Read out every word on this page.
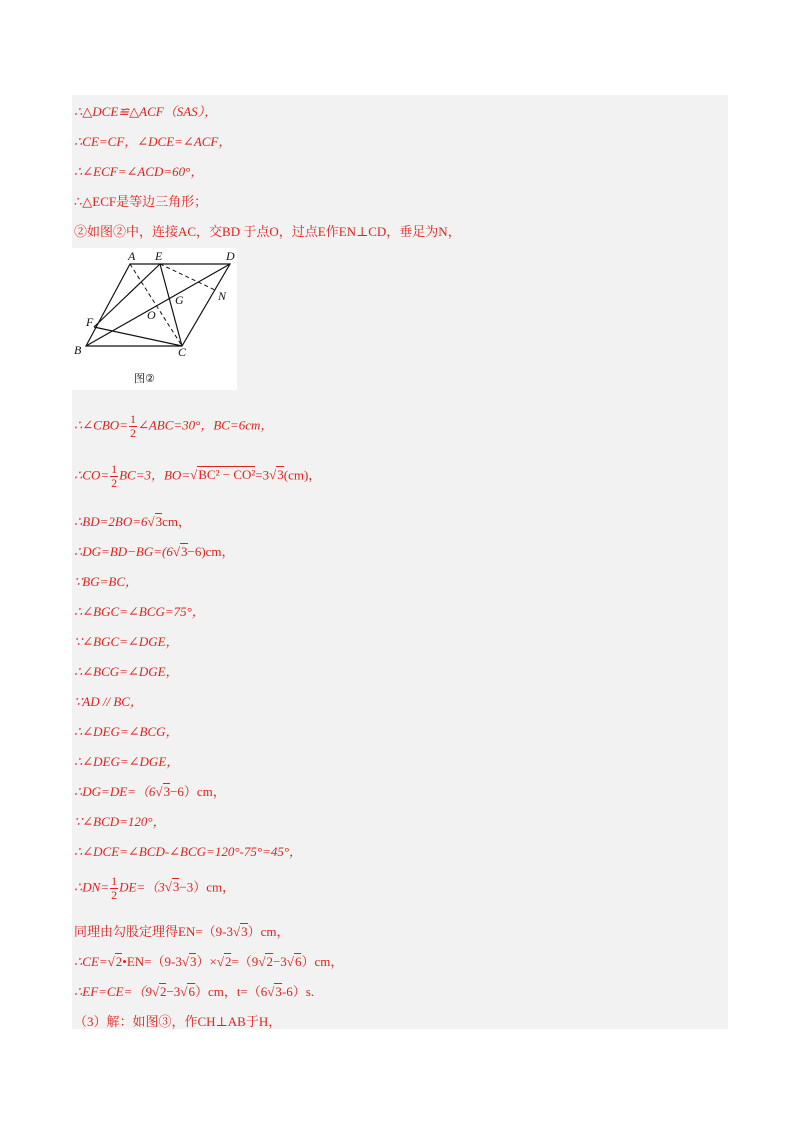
∴△DCE≌△ACF（SAS），
∴CE=CF，∠DCE=∠ACF，
∴∠ECF=∠ACD=60°，
∴△ECF是等边三角形；
②如图②中，连接AC，交BD 于点O，过点E作EN⊥CD，垂足为N，
A E	D
F
G
O
N
B	C
图②
∴∠CBO= $\frac{1}{2}$ ∠ABC=30°，BC=6cm，
∴CO= $\frac{1}{2} BC=3$，BO=√BC² − CO²=3√3(cm)，
∴BD=2BO=6√3cm，
∴DG=BD−BG=(6√3−6)cm，
∵BG=BC，
∴∠BGC=∠BCG=75°，
∵∠BGC=∠DGE，
∴∠BCG=∠DGE，
∵AD // BC，
∴∠DEG=∠BCG，
∴∠DEG=∠DGE，
∴DG=DE=（6√3−6）cm，
∵∠BCD=120°，
∴∠DCE=∠BCD-∠BCG=120°-75°=45°，
∴DN= $\frac{1}{2} DE=(3√3-3)cm$，
同理由勾股定理得EN=（9-3√3）cm，
∴CE=√2•EN=（9-3√3）×√2=（9√2−3√6）cm，
∴EF=CE=（9√2−3√6）cm，t=（6√3-6）s.
（3）解：如图③，作CH⊥AB于H，
